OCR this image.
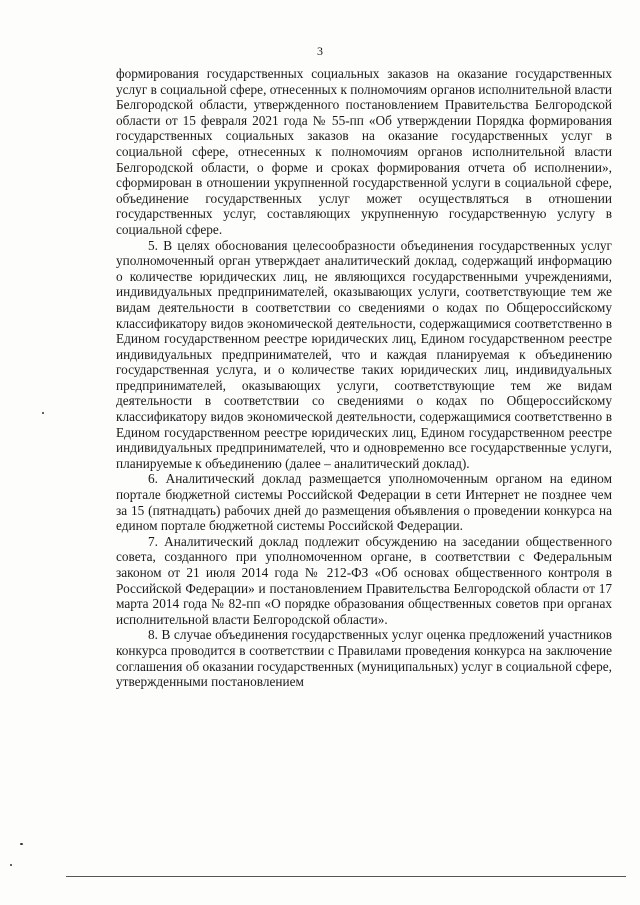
3

формирования государственных социальных заказов на оказание государственных услуг в социальной сфере, отнесенных к полномочиям органов исполнительной власти Белгородской области, утвержденного постановлением Правительства Белгородской области от 15 февраля 2021 года № 55-пп «Об утверждении Порядка формирования государственных социальных заказов на оказание государственных услуг в социальной сфере, отнесенных к полномочиям органов исполнительной власти Белгородской области, о форме и сроках формирования отчета об исполнении», сформирован в отношении укрупненной государственной услуги в социальной сфере, объединение государственных услуг может осуществляться в отношении государственных услуг, составляющих укрупненную государственную услугу в социальной сфере.

5. В целях обоснования целесообразности объединения государственных услуг уполномоченный орган утверждает аналитический доклад, содержащий информацию о количестве юридических лиц, не являющихся государственными учреждениями, индивидуальных предпринимателей, оказывающих услуги, соответствующие тем же видам деятельности в соответствии со сведениями о кодах по Общероссийскому классификатору видов экономической деятельности, содержащимися соответственно в Едином государственном реестре юридических лиц, Едином государственном реестре индивидуальных предпринимателей, что и каждая планируемая к объединению государственная услуга, и о количестве таких юридических лиц, индивидуальных предпринимателей, оказывающих услуги, соответствующие тем же видам деятельности в соответствии со сведениями о кодах по Общероссийскому классификатору видов экономической деятельности, содержащимися соответственно в Едином государственном реестре юридических лиц, Едином государственном реестре индивидуальных предпринимателей, что и одновременно все государственные услуги, планируемые к объединению (далее – аналитический доклад).

6. Аналитический доклад размещается уполномоченным органом на едином портале бюджетной системы Российской Федерации в сети Интернет не позднее чем за 15 (пятнадцать) рабочих дней до размещения объявления о проведении конкурса на едином портале бюджетной системы Российской Федерации.

7. Аналитический доклад подлежит обсуждению на заседании общественного совета, созданного при уполномоченном органе, в соответствии с Федеральным законом от 21 июля 2014 года № 212-ФЗ «Об основах общественного контроля в Российской Федерации» и постановлением Правительства Белгородской области от 17 марта 2014 года № 82-пп «О порядке образования общественных советов при органах исполнительной власти Белгородской области».

8. В случае объединения государственных услуг оценка предложений участников конкурса проводится в соответствии с Правилами проведения конкурса на заключение соглашения об оказании государственных (муниципальных) услуг в социальной сфере, утвержденными постановлением
